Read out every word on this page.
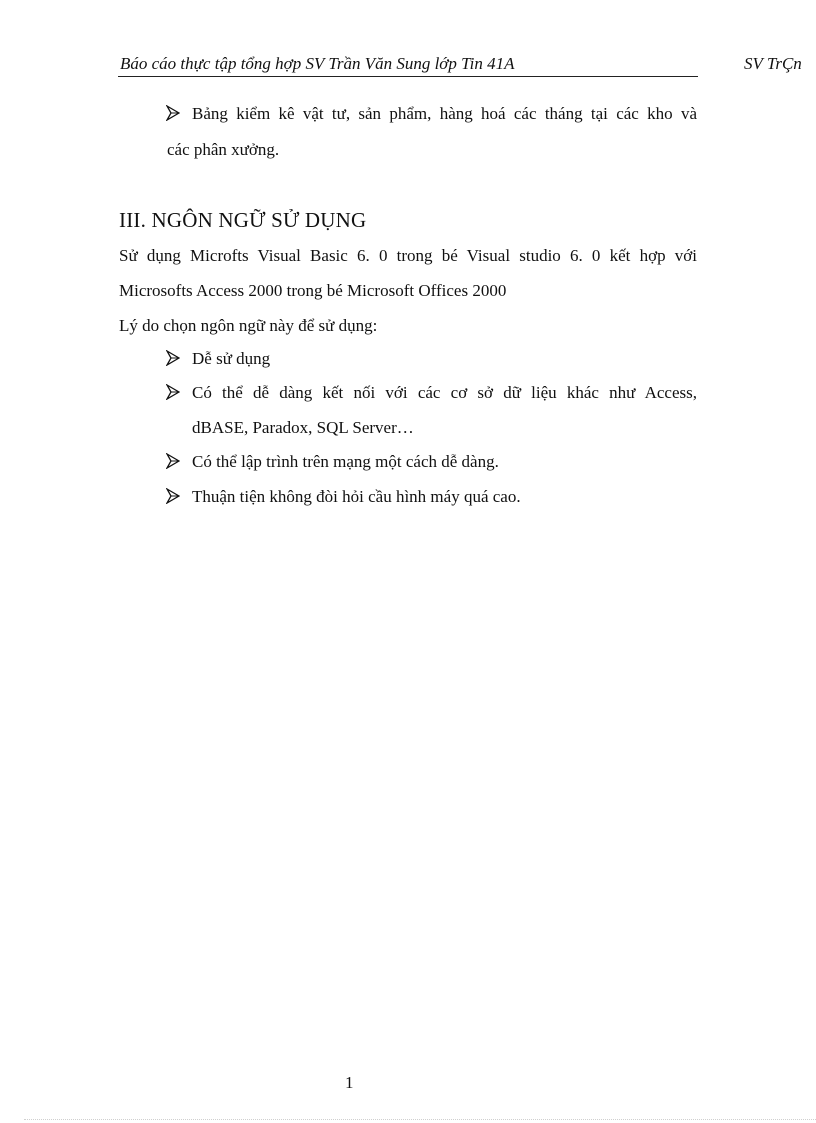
Báo cáo thực tập tổng hợp SV Trần Văn Sung lớp Tin 41A	SV TrÇn
Bảng kiểm kê vật tư, sản phẩm, hàng hoá các tháng tại các kho và
các phân xưởng.
III. NGÔN NGỮ SỬ DỤNG
Sử dụng Microfts Visual Basic 6. 0 trong bé Visual studio 6. 0 kết hợp với
Microsofts Access 2000 trong bé Microsoft Offices 2000
Lý do chọn ngôn ngữ này để sử dụng:
Dễ sử dụng
Có thể dễ dàng kết nối với các cơ sở dữ liệu khác như Access,
dBASE, Paradox, SQL Server…
Có thể lập trình trên mạng một cách dễ dàng.
Thuận tiện không đòi hỏi cầu hình máy quá cao.
1
